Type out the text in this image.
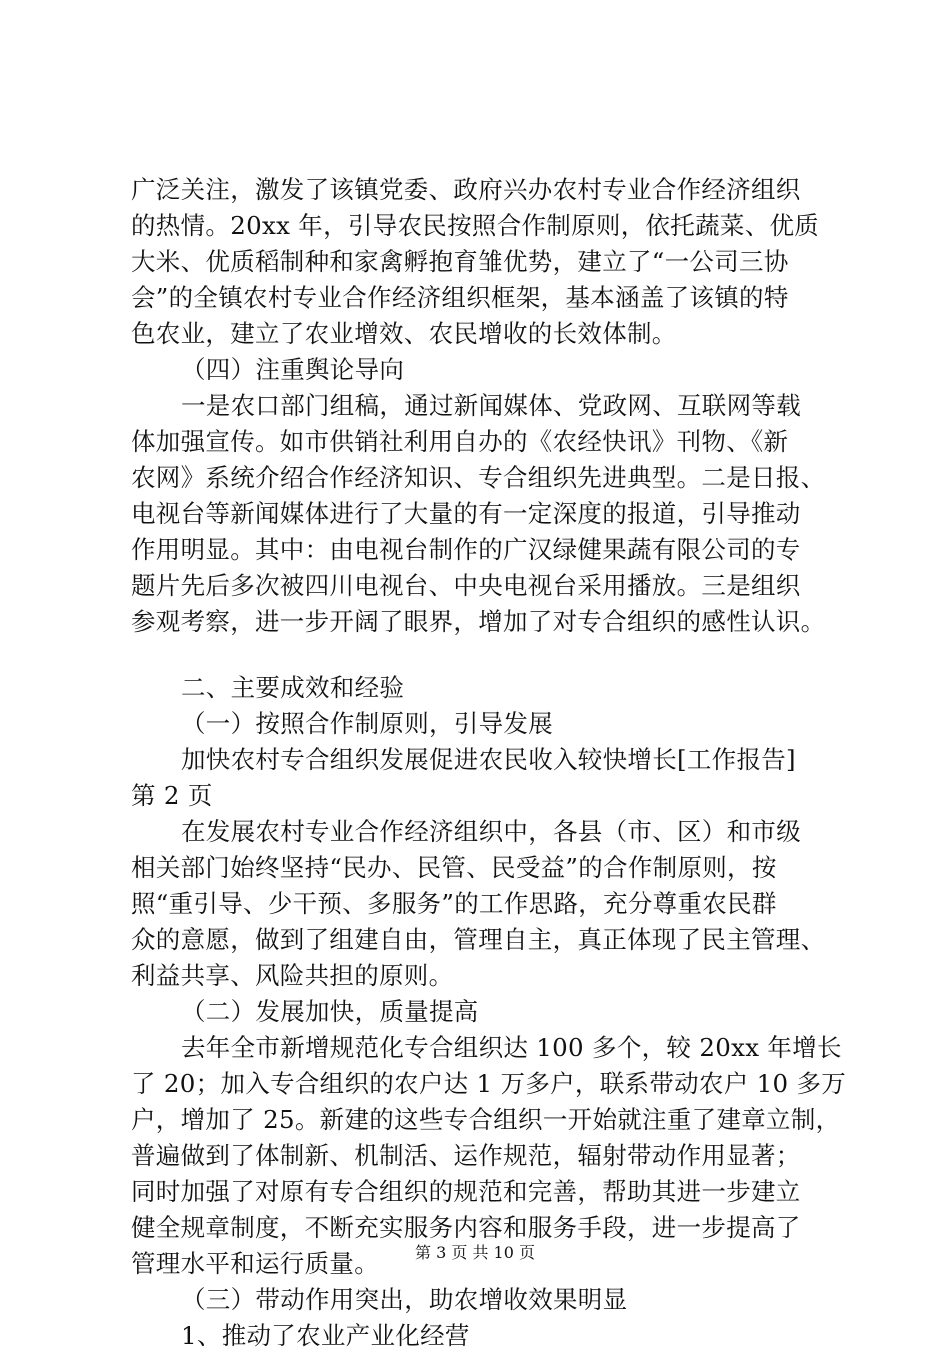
广泛关注，激发了该镇党委、政府兴办农村专业合作经济组织
的热情。20xx 年，引导农民按照合作制原则，依托蔬菜、优质
大米、优质稻制种和家禽孵抱育雏优势，建立了“一公司三协
会”的全镇农村专业合作经济组织框架，基本涵盖了该镇的特
色农业，建立了农业增效、农民增收的长效体制。
（四）注重舆论导向
一是农口部门组稿，通过新闻媒体、党政网、互联网等载
体加强宣传。如市供销社利用自办的《农经快讯》刊物、《新
农网》系统介绍合作经济知识、专合组织先进典型。二是日报、
电视台等新闻媒体进行了大量的有一定深度的报道，引导推动
作用明显。其中：由电视台制作的广汉绿健果蔬有限公司的专
题片先后多次被四川电视台、中央电视台采用播放。三是组织
参观考察，进一步开阔了眼界，增加了对专合组织的感性认识。
二、主要成效和经验
（一）按照合作制原则，引导发展
加快农村专合组织发展促进农民收入较快增长[工作报告]
第 2 页
在发展农村专业合作经济组织中，各县（市、区）和市级
相关部门始终坚持“民办、民管、民受益”的合作制原则，按
照“重引导、少干预、多服务”的工作思路，充分尊重农民群
众的意愿，做到了组建自由，管理自主，真正体现了民主管理、
利益共享、风险共担的原则。
（二）发展加快，质量提高
去年全市新增规范化专合组织达 100 多个，较 20xx 年增长
了 20；加入专合组织的农户达 1 万多户，联系带动农户 10 多万
户，增加了 25。新建的这些专合组织一开始就注重了建章立制，
普遍做到了体制新、机制活、运作规范，辐射带动作用显著；
同时加强了对原有专合组织的规范和完善，帮助其进一步建立
健全规章制度，不断充实服务内容和服务手段，进一步提高了
管理水平和运行质量。
（三）带动作用突出，助农增收效果明显
1、推动了农业产业化经营
第 3 页 共 10 页
